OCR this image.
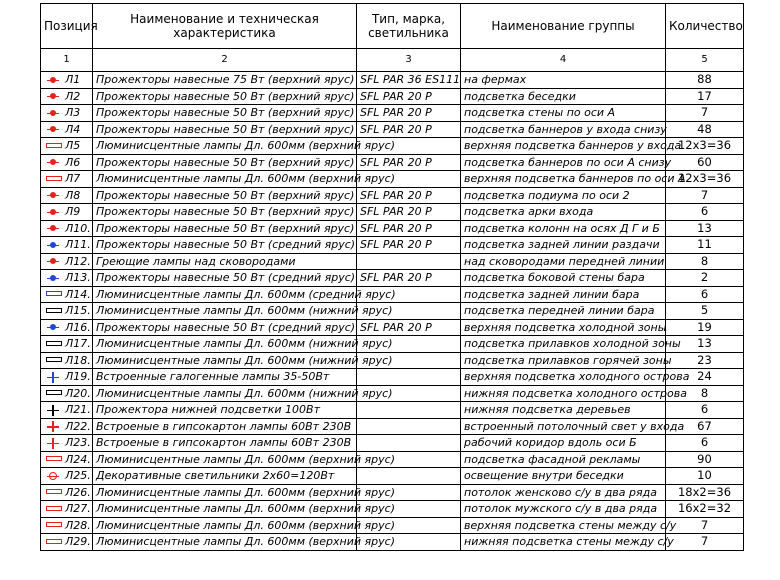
Позиция	Наименование и техническая характеристика	Тип, марка, светильника	Наименование группы	Количество
1	2	3	4	5
Л1	Прожекторы навесные 75 Вт (верхний ярус)	SFL PAR 36 ES111	на фермах	88
Л2	Прожекторы навесные 50 Вт (верхний ярус)	SFL PAR 20 P	подсветка беседки	17
Л3	Прожекторы навесные 50 Вт (верхний ярус)	SFL PAR 20 P	подсветка стены по оси А	7
Л4	Прожекторы навесные 50 Вт (верхний ярус)	SFL PAR 20 P	подсветка баннеров у входа снизу	48
Л5	Люминисцентные лампы Дл. 600мм (верхний ярус)		верхняя подсветка баннеров у входа	12x3=36
Л6	Прожекторы навесные 50 Вт (верхний ярус)	SFL PAR 20 P	подсветка баннеров по оси А снизу	60
Л7	Люминисцентные лампы Дл. 600мм (верхний ярус)		верхняя подсветка баннеров по оси А	12x3=36
Л8	Прожекторы навесные 50 Вт (верхний ярус)	SFL PAR 20 P	подсветка подиума по оси 2	7
Л9	Прожекторы навесные 50 Вт (верхний ярус)	SFL PAR 20 P	подсветка арки входа	6
Л10.	Прожекторы навесные 50 Вт (верхний ярус)	SFL PAR 20 P	подсветка колонн на осях Д Г и Б	13
Л11.	Прожекторы навесные 50 Вт (средний ярус)	SFL PAR 20 P	подсветка задней линии раздачи	11
Л12.	Греющие лампы над сковородами		над сковородами передней линии	8
Л13.	Прожекторы навесные 50 Вт (средний ярус)	SFL PAR 20 P	подсветка боковой стены бара	2
Л14.	Люминисцентные лампы Дл. 600мм (средний ярус)		подсветка задней линии бара	6
Л15.	Люминисцентные лампы Дл. 600мм (нижний ярус)		подсветка передней линии бара	5
Л16.	Прожекторы навесные 50 Вт (средний ярус)	SFL PAR 20 P	верхняя подсветка холодной зоны	19
Л17.	Люминисцентные лампы Дл. 600мм (нижний ярус)		подсветка прилавков холодной зоны	13
Л18.	Люминисцентные лампы Дл. 600мм (нижний ярус)		подсветка прилавков горячей зоны	23
Л19.	Встроенные галогенные лампы 35-50Вт		верхняя подсветка холодного острова	24
Л20.	Люминисцентные лампы Дл. 600мм (нижний ярус)		нижняя подсветка холодного острова	8
Л21.	Прожектора нижней подсветки 100Вт		нижняя подсветка деревьев	6
Л22.	Встроеные в гипсокартон лампы 60Вт 230В		встроенный потолочный свет у входа	67
Л23.	Встроеные в гипсокартон лампы 60Вт 230В		рабочий коридор вдоль оси Б	6
Л24.	Люминисцентные лампы Дл. 600мм (верхний ярус)		подсветка фасадной рекламы	90
Л25.	Декоративные светильники 2х60=120Вт		освещение внутри беседки	10
Л26.	Люминисцентные лампы Дл. 600мм (верхний ярус)		потолок женсково с/у в два ряда	18x2=36
Л27.	Люминисцентные лампы Дл. 600мм (верхний ярус)		потолок мужского с/у в два ряда	16x2=32
Л28.	Люминисцентные лампы Дл. 600мм (верхний ярус)		верхняя подсветка стены между с/у	7
Л29.	Люминисцентные лампы Дл. 600мм (верхний ярус)		нижняя подсветка стены между с/у	7
